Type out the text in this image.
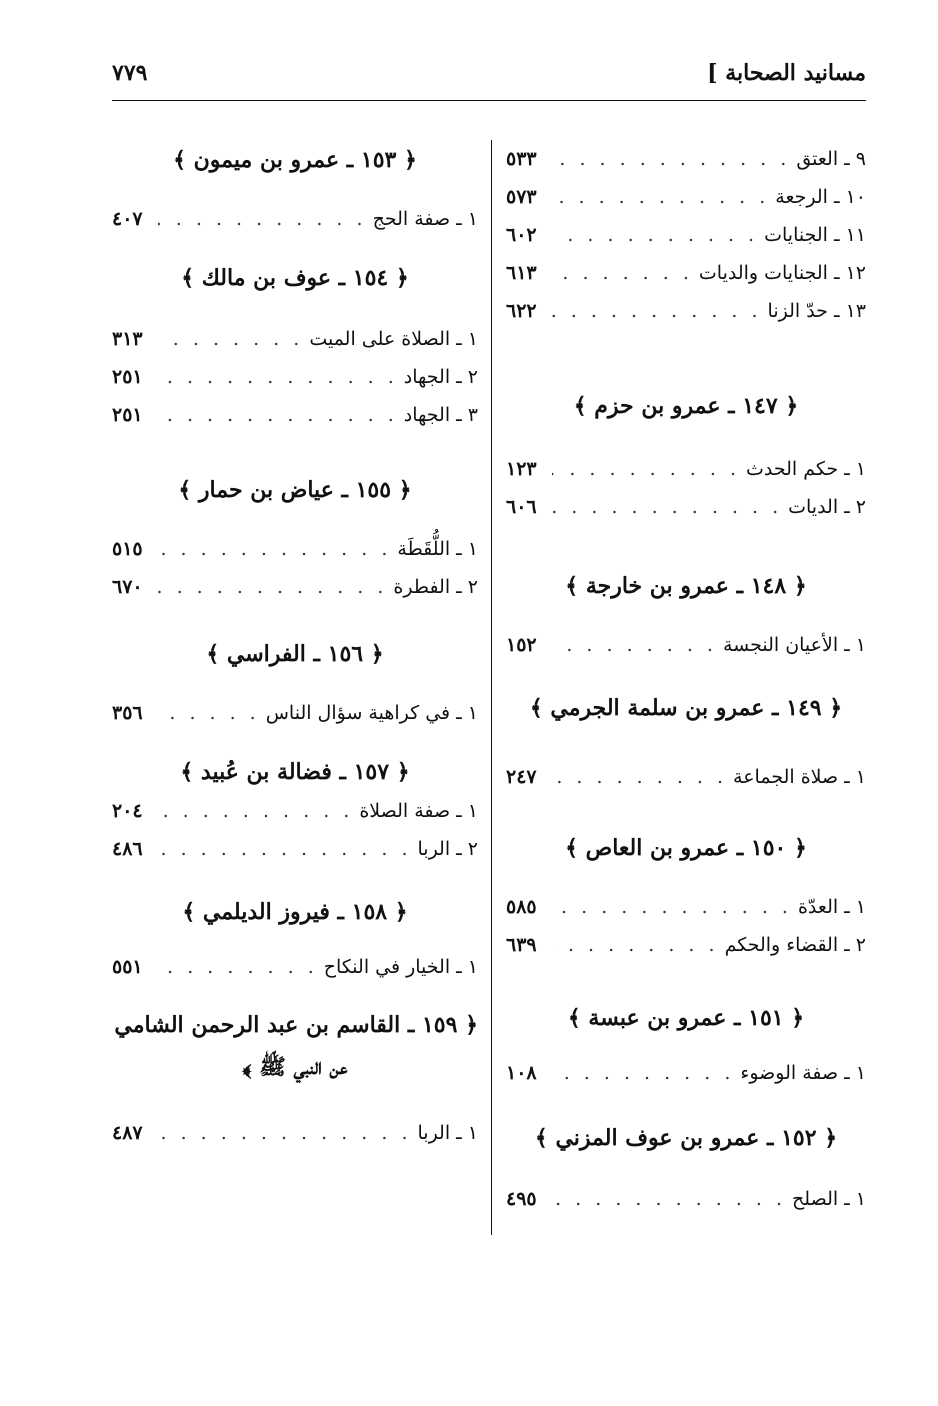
مسانيد الصحابة ]
٧٧٩
٩ ـ العتق
. . .
٥٣٣
١٠ ـ الرجعة
. . .
٥٧٣
١١ ـ الجنايات
. . .
٦٠٢
١٢ ـ الجنايات والديات
. . .
٦١٣
١٣ ـ حدّ الزنا
. . .
٦٢٢
﴿ ١٤٧ ـ عمرو بن حزم ﴾
١ ـ حكم الحدث
. . .
١٢٣
٢ ـ الديات
. . .
٦٠٦
﴿ ١٤٨ ـ عمرو بن خارجة ﴾
١ ـ الأعيان النجسة
. . .
١٥٢
﴿ ١٤٩ ـ عمرو بن سلمة الجرمي ﴾
١ ـ صلاة الجماعة
. . .
٢٤٧
﴿ ١٥٠ ـ عمرو بن العاص ﴾
١ ـ العدّة
. . .
٥٨٥
٢ ـ القضاء والحكم
. . .
٦٣٩
﴿ ١٥١ ـ عمرو بن عبسة ﴾
١ ـ صفة الوضوء
. . .
١٠٨
﴿ ١٥٢ ـ عمرو بن عوف المزني ﴾
١ ـ الصلح
. . .
٤٩٥
﴿ ١٥٣ ـ عمرو بن ميمون ﴾
١ ـ صفة الحج
. . .
٤٠٧
﴿ ١٥٤ ـ عوف بن مالك ﴾
١ ـ الصلاة على الميت
. . .
٣١٣
٢ ـ الجهاد
. . .
٢٥١
٣ ـ الجهاد
. . .
٢٥١
﴿ ١٥٥ ـ عياض بن حمار ﴾
١ ـ اللُّقَطَة
. . .
٥١٥
٢ ـ الفطرة
. . .
٦٧٠
﴿ ١٥٦ ـ الفراسي ﴾
١ ـ في كراهية سؤال الناس
. . .
٣٥٦
﴿ ١٥٧ ـ فضالة بن عُبيد ﴾
١ ـ صفة الصلاة
. . .
٢٠٤
٢ ـ الربا
. . .
٤٨٦
﴿ ١٥٨ ـ فيروز الديلمي ﴾
١ ـ الخيار في النكاح
. . .
٥٥١
﴿ ١٥٩ ـ القاسم بن عبد الرحمن الشامي
عن النبي ﷺ ﴾
١ ـ الربا
. . .
٤٨٧
